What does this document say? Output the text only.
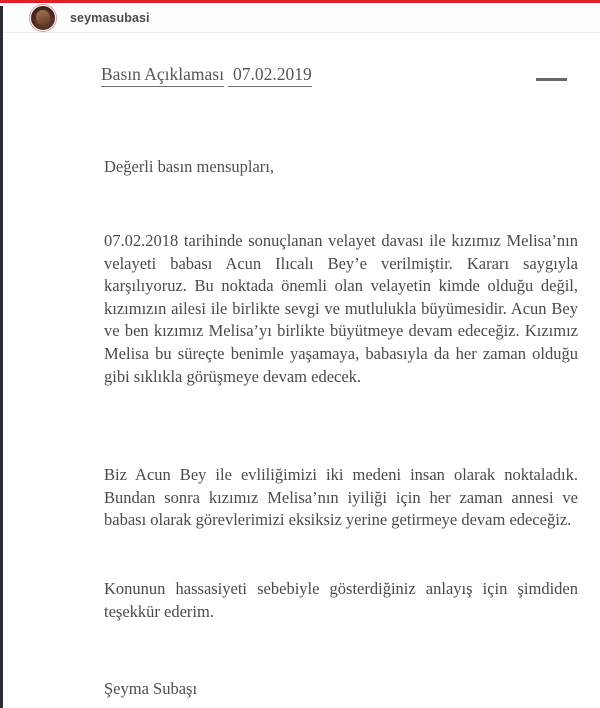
seymasubasi
Basın Açıklaması 07.02.2019
Değerli basın mensupları,
07.02.2018 tarihinde sonuçlanan velayet davası ile kızımız Melisa’nın velayeti babası Acun Ilıcalı Bey’e verilmiştir. Kararı saygıyla karşılıyoruz. Bu noktada önemli olan velayetin kimde olduğu değil, kızımızın ailesi ile birlikte sevgi ve mutlulukla büyümesidir. Acun Bey ve ben kızımız Melisa’yı birlikte büyütmeye devam edeceğiz. Kızımız Melisa bu süreçte benimle yaşamaya, babasıyla da her zaman olduğu gibi sıklıkla görüşmeye devam edecek.
Biz Acun Bey ile evliliğimizi iki medeni insan olarak noktaladık. Bundan sonra kızımız Melisa’nın iyiliği için her zaman annesi ve babası olarak görevlerimizi eksiksiz yerine getirmeye devam edeceğiz.
Konunun hassasiyeti sebebiyle gösterdiğiniz anlayış için şimdiden teşekkür ederim.
Şeyma Subaşı
